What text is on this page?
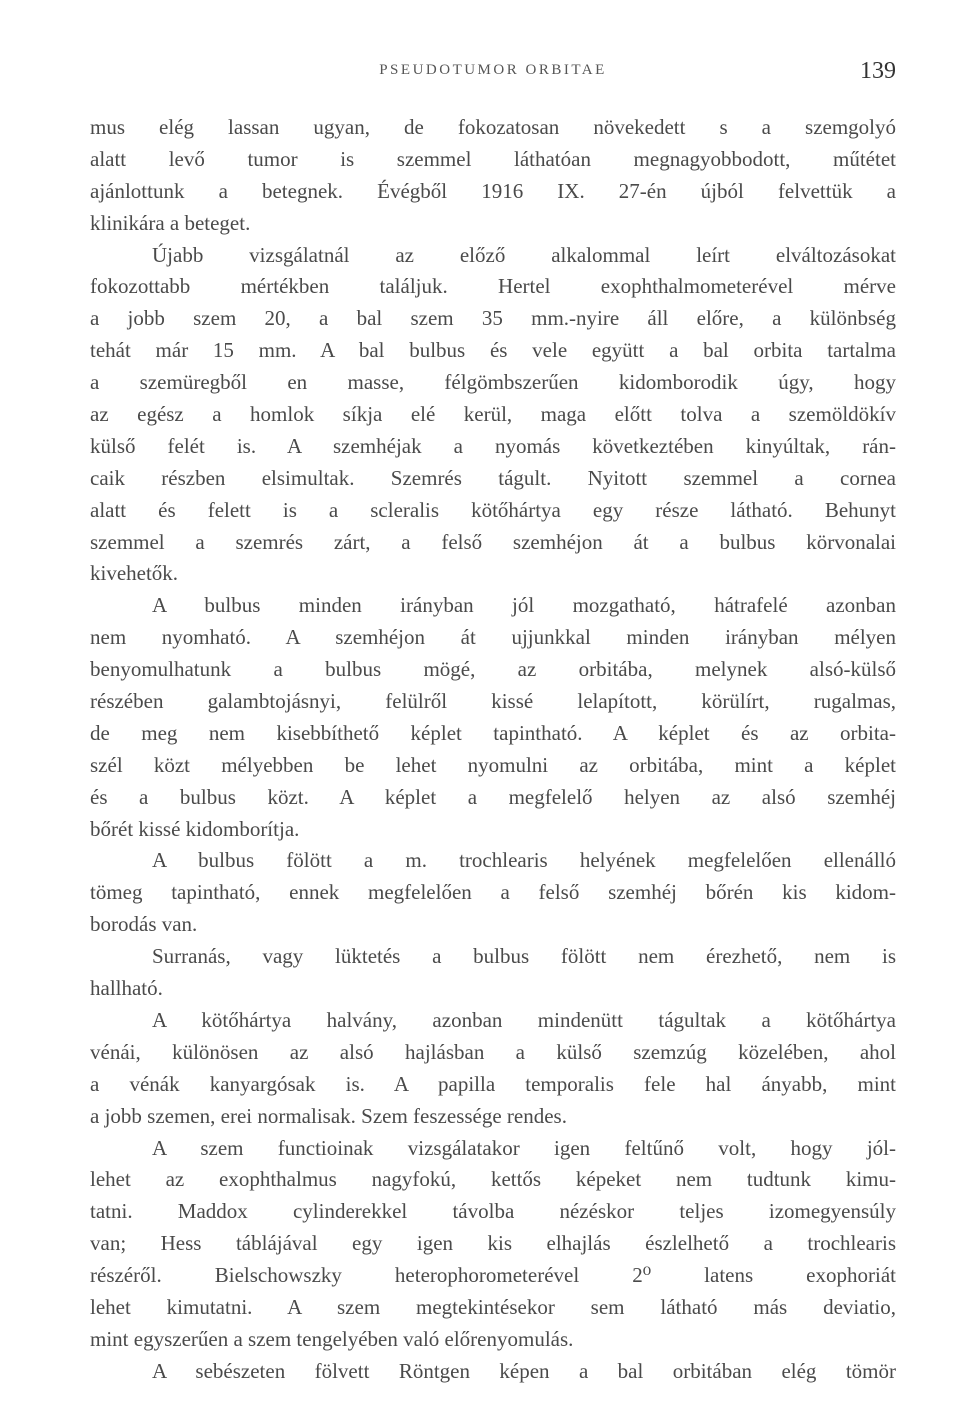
PSEUDOTUMOR ORBITAE	139
mus elég lassan ugyan, de fokozatosan növekedett s a szemgolyó
alatt levő tumor is szemmel láthatóan megnagyobbodott, műtétet
ajánlottunk a betegnek. Évégből 1916 IX. 27-én újból felvettük a
klinikára a beteget.
Újabb vizsgálatnál az előző alkalommal leírt elváltozásokat
fokozottabb mértékben találjuk. Hertel exophthalmometerével mérve
a jobb szem 20, a bal szem 35 mm.-nyire áll előre, a különbség
tehát már 15 mm. A bal bulbus és vele együtt a bal orbita tartalma
a szemüregből en masse, félgömbszerűen kidomborodik úgy, hogy
az egész a homlok síkja elé kerül, maga előtt tolva a szemöldökív
külső felét is. A szemhéjak a nyomás következtében kinyúltak, rán-
caik részben elsimultak. Szemrés tágult. Nyitott szemmel a cornea
alatt és felett is a scleralis kötőhártya egy része látható. Behunyt
szemmel a szemrés zárt, a felső szemhéjon át a bulbus körvonalai
kivehetők.
A bulbus minden irányban jól mozgatható, hátrafelé azonban
nem nyomható. A szemhéjon át ujjunkkal minden irányban mélyen
benyomulhatunk a bulbus mögé, az orbitába, melynek alsó-külső
részében galambtojásnyi, felülről kissé lelapított, körülírt, rugalmas,
de meg nem kisebbíthető képlet tapintható. A képlet és az orbita-
szél közt mélyebben be lehet nyomulni az orbitába, mint a képlet
és a bulbus közt. A képlet a megfelelő helyen az alsó szemhéj
bőrét kissé kidomborítja.
A bulbus fölött a m. trochlearis helyének megfelelően ellenálló
tömeg tapintható, ennek megfelelően a felső szemhéj bőrén kis kidom-
borodás van.
Surranás, vagy lüktetés a bulbus fölött nem érezhető, nem is
hallható.
A kötőhártya halvány, azonban mindenütt tágultak a kötőhártya
vénái, különösen az alsó hajlásban a külső szemzúg közelében, ahol
a vénák kanyargósak is. A papilla temporalis fele hal ányabb, mint
a jobb szemen, erei normalisak. Szem feszessége rendes.
A szem functioinak vizsgálatakor igen feltűnő volt, hogy jól-
lehet az exophthalmus nagyfokú, kettős képeket nem tudtunk kimu-
tatni. Maddox cylinderekkel távolba nézéskor teljes izomegyensúly
van; Hess táblájával egy igen kis elhajlás észlelhető a trochlearis
részéről. Bielschowszky heterophorometerével 2⁰ latens exophoriát
lehet kimutatni. A szem megtekintésekor sem látható más deviatio,
mint egyszerűen a szem tengelyében való előrenyomulás.
A sebészeten fölvett Röntgen képen a bal orbitában elég tömör
